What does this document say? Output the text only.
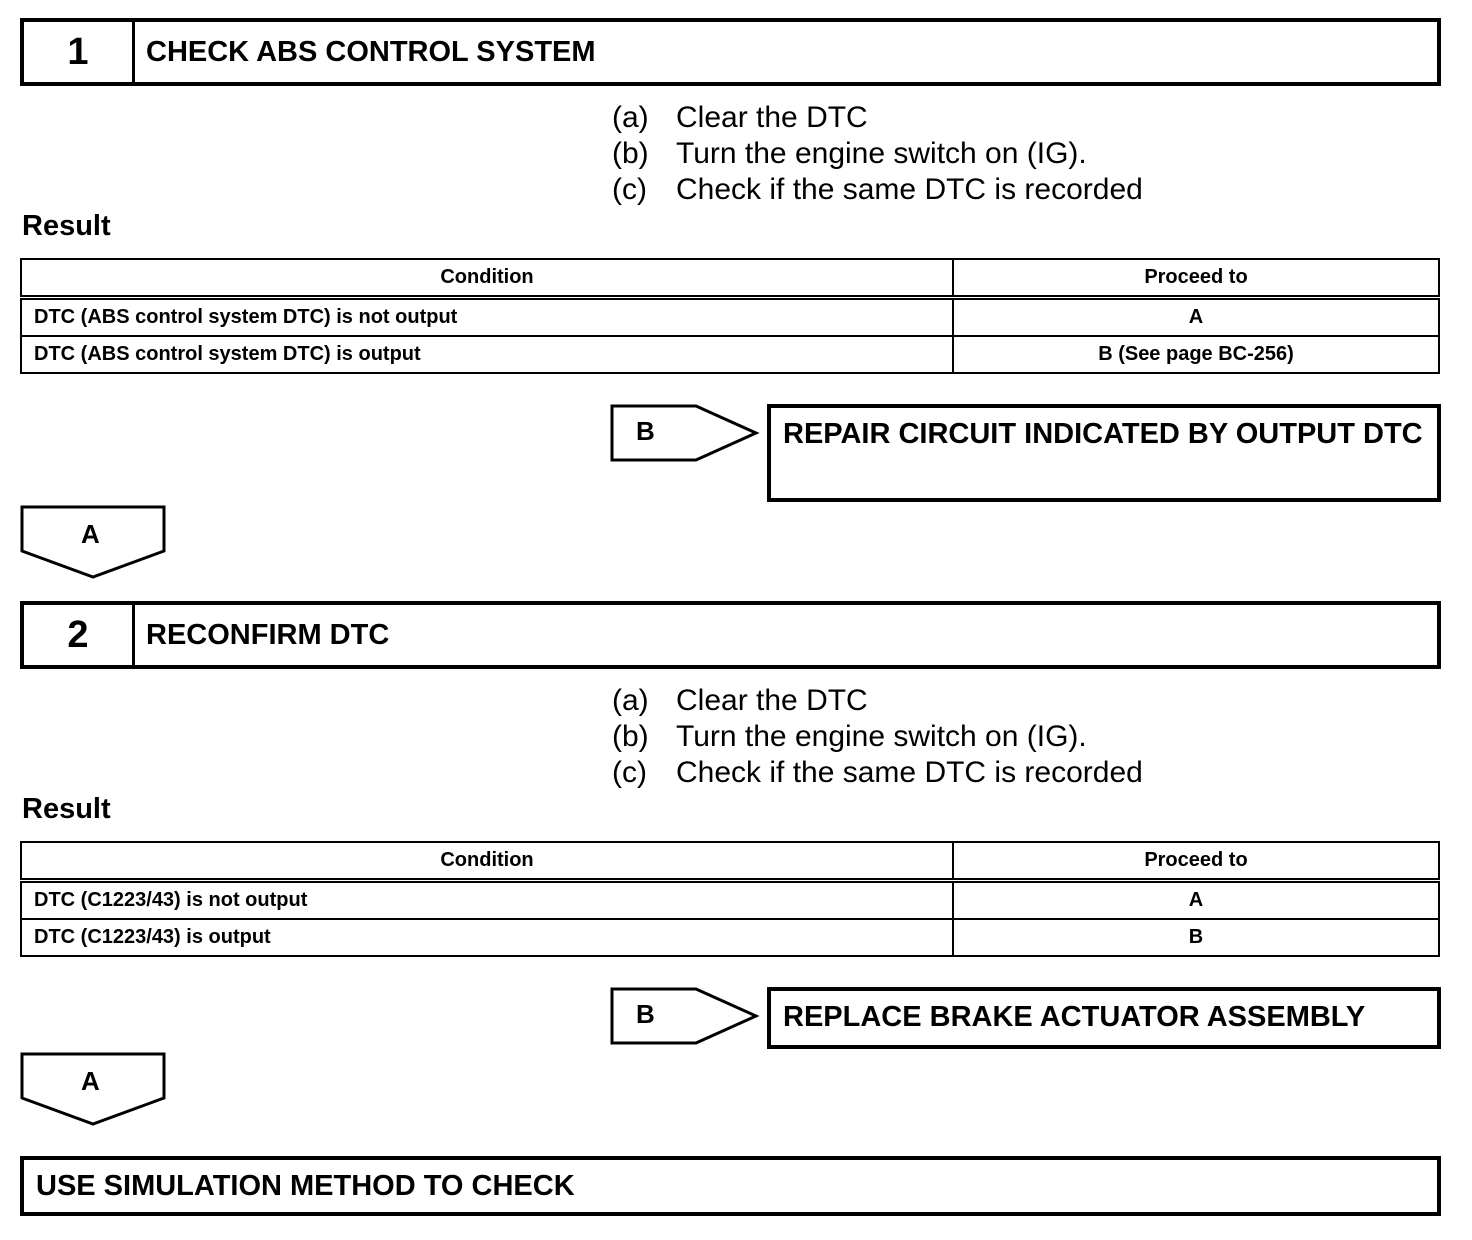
1	CHECK ABS CONTROL SYSTEM
(a) Clear the DTC
(b) Turn the engine switch on (IG).
(c) Check if the same DTC is recorded
Result
Condition	Proceed to
DTC (ABS control system DTC) is not output	A
DTC (ABS control system DTC) is output	B (See page BC-256)
B	REPAIR CIRCUIT INDICATED BY OUTPUT DTC
A
2	RECONFIRM DTC
(a) Clear the DTC
(b) Turn the engine switch on (IG).
(c) Check if the same DTC is recorded
Result
Condition	Proceed to
DTC (C1223/43) is not output	A
DTC (C1223/43) is output	B
B	REPLACE BRAKE ACTUATOR ASSEMBLY
A
USE SIMULATION METHOD TO CHECK
